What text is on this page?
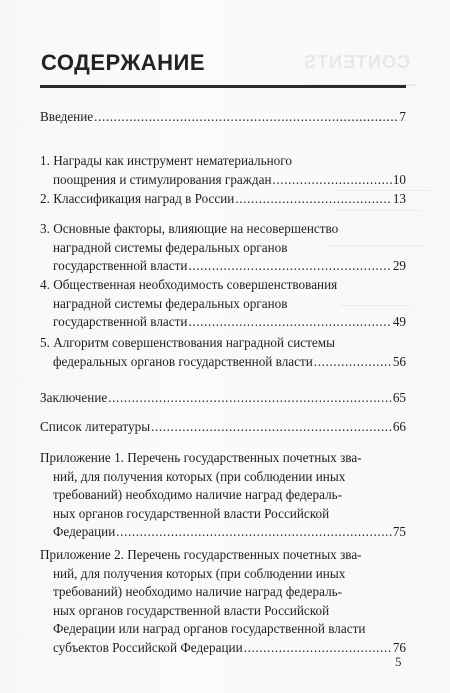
CONTENTS
СОДЕРЖАНИЕ
Введение .....	7
1. Награды как инструмент нематериального
поощрения и стимулирования граждан .....	10
2. Классификация наград в России .....	13
3. Основные факторы, влияющие на несовершенство
наградной системы федеральных органов
государственной власти .....	29
4. Общественная необходимость совершенствования
наградной системы федеральных органов
государственной власти .....	49
5. Алгоритм совершенствования наградной системы
федеральных органов государственной власти .....	56
Заключение .....	65
Список литературы .....	66
Приложение 1. Перечень государственных почетных зва-
ний, для получения которых (при соблюдении иных
требований) необходимо наличие наград федераль-
ных органов государственной власти Российской
Федерации .....	75
Приложение 2. Перечень государственных почетных зва-
ний, для получения которых (при соблюдении иных
требований) необходимо наличие наград федераль-
ных органов государственной власти Российской
Федерации или наград органов государственной власти
субъектов Российской Федерации .....	76
5
